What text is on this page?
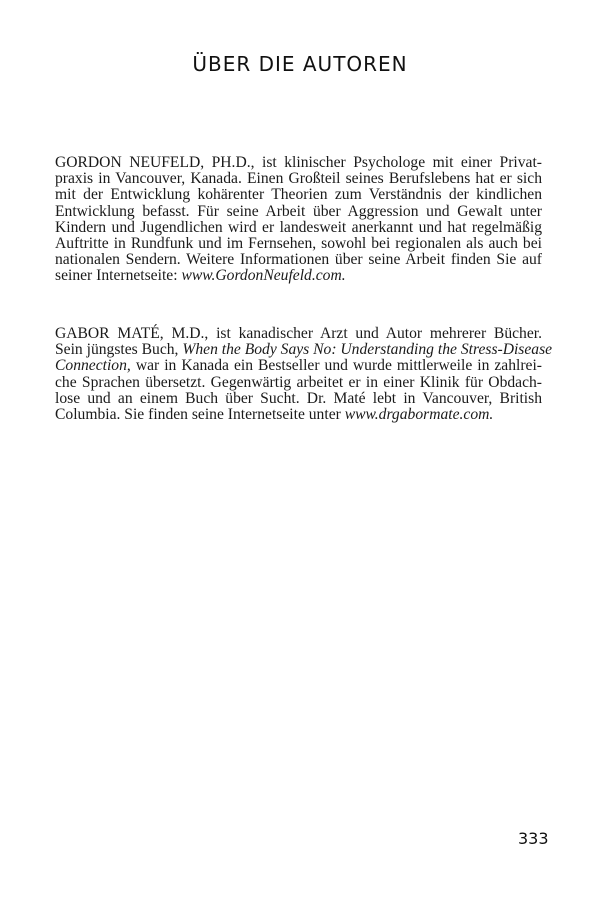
ÜBER DIE AUTOREN
GORDON NEUFELD, PH.D., ist klinischer Psychologe mit einer Privat-
praxis in Vancouver, Kanada. Einen Großteil seines Berufslebens hat er sich
mit der Entwicklung kohärenter Theorien zum Verständnis der kindlichen
Entwicklung befasst. Für seine Arbeit über Aggression und Gewalt unter
Kindern und Jugendlichen wird er landesweit anerkannt und hat regelmäßig
Auftritte in Rundfunk und im Fernsehen, sowohl bei regionalen als auch bei
nationalen Sendern. Weitere Informationen über seine Arbeit finden Sie auf
seiner Internetseite: www.GordonNeufeld.com.
GABOR MATÉ, M.D., ist kanadischer Arzt und Autor mehrerer Bücher.
Sein jüngstes Buch, When the Body Says No: Understanding the Stress-Disease
Connection, war in Kanada ein Bestseller und wurde mittlerweile in zahlrei-
che Sprachen übersetzt. Gegenwärtig arbeitet er in einer Klinik für Obdach-
lose und an einem Buch über Sucht. Dr. Maté lebt in Vancouver, British
Columbia. Sie finden seine Internetseite unter www.drgabormate.com.
333
